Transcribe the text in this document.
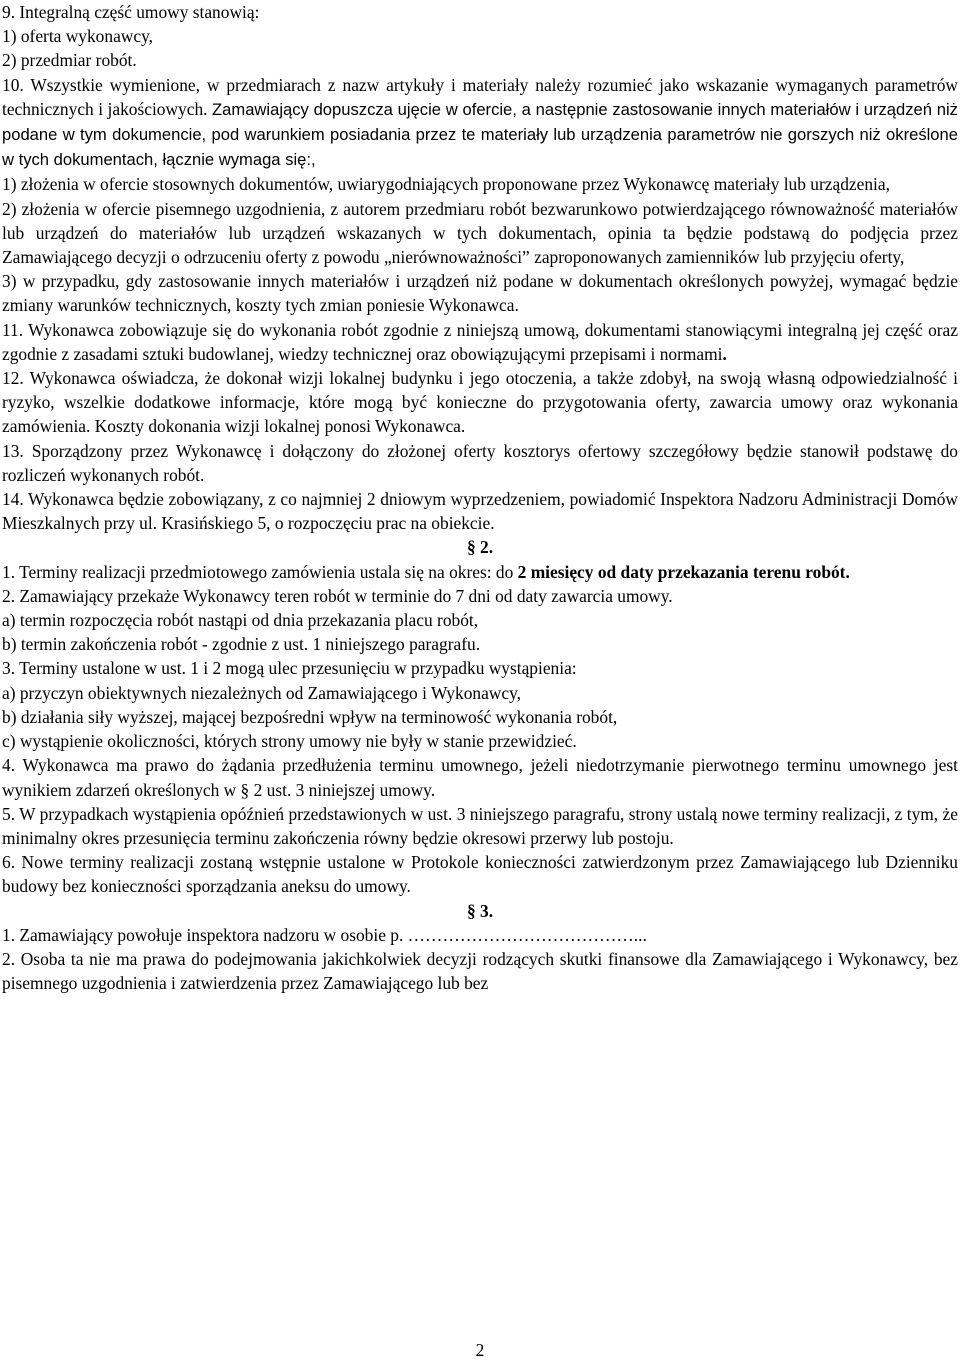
9. Integralną część umowy stanowią:

1) oferta wykonawcy,

2) przedmiar robót.

10. Wszystkie wymienione, w przedmiarach z nazw artykuły i materiały należy rozumieć jako wskazanie wymaganych parametrów technicznych i jakościowych. Zamawiający dopuszcza ujęcie w ofercie, a następnie zastosowanie innych materiałów i urządzeń niż podane w tym dokumencie, pod warunkiem posiadania przez te materiały lub urządzenia parametrów nie gorszych niż określone w tych dokumentach, łącznie wymaga się:,

1) złożenia w ofercie stosownych dokumentów, uwiarygodniających proponowane przez Wykonawcę materiały lub urządzenia,

2) złożenia w ofercie pisemnego uzgodnienia, z autorem przedmiaru robót bezwarunkowo potwierdzającego równoważność materiałów lub urządzeń do materiałów lub urządzeń wskazanych w tych dokumentach, opinia ta będzie podstawą do podjęcia przez Zamawiającego decyzji o odrzuceniu oferty z powodu „nierównoważności” zaproponowanych zamienników lub przyjęciu oferty,

3) w przypadku, gdy zastosowanie innych materiałów i urządzeń niż podane w dokumentach określonych powyżej, wymagać będzie zmiany warunków technicznych, koszty tych zmian poniesie Wykonawca.

11. Wykonawca zobowiązuje się do wykonania robót zgodnie z niniejszą umową, dokumentami stanowiącymi integralną jej część oraz zgodnie z zasadami sztuki budowlanej, wiedzy technicznej oraz obowiązującymi przepisami i normami.

12. Wykonawca oświadcza, że dokonał wizji lokalnej budynku i jego otoczenia, a także zdobył, na swoją własną odpowiedzialność i ryzyko, wszelkie dodatkowe informacje, które mogą być konieczne do przygotowania oferty, zawarcia umowy oraz wykonania zamówienia. Koszty dokonania wizji lokalnej ponosi Wykonawca.

13. Sporządzony przez Wykonawcę i dołączony do złożonej oferty kosztorys ofertowy szczegółowy będzie stanowił podstawę do rozliczeń wykonanych robót.

14. Wykonawca będzie zobowiązany, z co najmniej 2 dniowym wyprzedzeniem, powiadomić Inspektora Nadzoru Administracji Domów Mieszkalnych przy ul. Krasińskiego 5, o rozpoczęciu prac na obiekcie.

§ 2.

1. Terminy realizacji przedmiotowego zamówienia ustala się na okres: do 2 miesięcy od daty przekazania terenu robót.

2. Zamawiający przekaże Wykonawcy teren robót w terminie do 7 dni od daty zawarcia umowy.

a) termin rozpoczęcia robót nastąpi od dnia przekazania placu robót,

b) termin zakończenia robót - zgodnie z ust. 1 niniejszego paragrafu.

3. Terminy ustalone w ust. 1 i 2 mogą ulec przesunięciu w przypadku wystąpienia:

a) przyczyn obiektywnych niezależnych od Zamawiającego i Wykonawcy,

b) działania siły wyższej, mającej bezpośredni wpływ na terminowość wykonania robót,

c) wystąpienie okoliczności, których strony umowy nie były w stanie przewidzieć.

4. Wykonawca ma prawo do żądania przedłużenia terminu umownego, jeżeli niedotrzymanie pierwotnego terminu umownego jest wynikiem zdarzeń określonych w § 2 ust. 3 niniejszej umowy.

5. W przypadkach wystąpienia opóźnień przedstawionych w ust. 3 niniejszego paragrafu, strony ustalą nowe terminy realizacji, z tym, że minimalny okres przesunięcia terminu zakończenia równy będzie okresowi przerwy lub postoju.

6. Nowe terminy realizacji zostaną wstępnie ustalone w Protokole konieczności zatwierdzonym przez Zamawiającego lub Dzienniku budowy bez konieczności sporządzania aneksu do umowy.

§ 3.

1. Zamawiający powołuje inspektora nadzoru w osobie p. …………………………………...

2. Osoba ta nie ma prawa do podejmowania jakichkolwiek decyzji rodzących skutki finansowe dla Zamawiającego i Wykonawcy, bez pisemnego uzgodnienia i zatwierdzenia przez Zamawiającego lub bez

2
